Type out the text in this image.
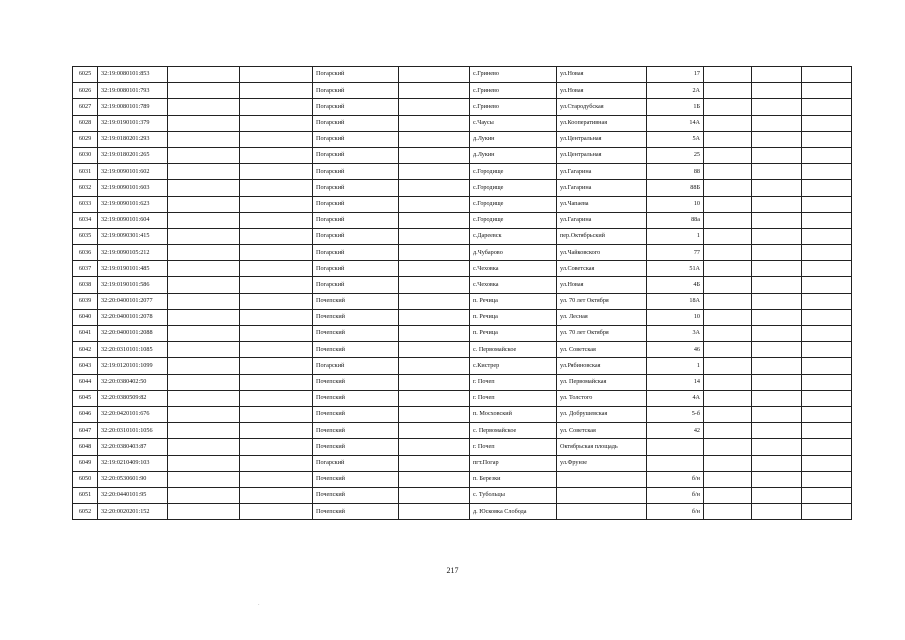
6025	32:19:0080101:853			Погарский		с.Гринево	ул.Новая	17			
6026	32:19:0080101:793			Погарский		с.Гринево	ул.Новая	2А			
6027	32:19:0080101:789			Погарский		с.Гринево	ул.Стародубская	1Б			
6028	32:19:0190101:379			Погарский		с.Чаусы	ул.Кооперативная	14А			
6029	32:19:0180201:293			Погарский		д.Лукин	ул.Центральная	5А			
6030	32:19:0180201:265			Погарский		д.Лукин	ул.Центральная	25			
6031	32:19:0090101:602			Погарский		с.Городище	ул.Гагарина	88			
6032	32:19:0090101:603			Погарский		с.Городище	ул.Гагарина	88Б			
6033	32:19:0090101:623			Погарский		с.Городище	ул.Чапаева	10			
6034	32:19:0090101:604			Погарский		с.Городище	ул.Гагарина	88а			
6035	32:19:0090301:415			Погарский		с.Дареевск	пер.Октябрьский	1			
6036	32:19:0090105:212			Погарский		д.Чубарово	ул.Чайковского	77			
6037	32:19:0190101:485			Погарский		с.Чеховка	ул.Советская	51А			
6038	32:19:0190101:586			Погарский		с.Чеховка	ул.Новая	4Б			
6039	32:20:0400101:2077			Почепский		п. Речица	ул. 70 лет Октября	18А			
6040	32:20:0400101:2078			Почепский		п. Речица	ул. Лесная	10			
6041	32:20:0400101:2088			Почепский		п. Речица	ул. 70 лет Октября	3А			
6042	32:20:0310101:1085			Почепский		с. Первомайское	ул. Советская	46			
6043	32:19:0120101:1099			Погарский		с.Кистрер	ул.Рябиновская	1			
6044	32:20:0380402:50			Почепский		г. Почеп	ул. Первомайская	14			
6045	32:20:0380509:82			Почепский		г. Почеп	ул. Толстого	4А			
6046	32:20:0420101:676			Почепский		п. Мосховский	ул. Добрушевская	5-б			
6047	32:20:0310101:1056			Почепский		с. Первомайское	ул. Советская	42			
6048	32:20:0380403:87			Почепский		г. Почеп	Октябрьская площадь				
6049	32:19:0210409:103			Погарский		пгт.Погар	ул.Фрунзе				
6050	32:20:0530601:90			Почепский		п. Березки		б/н			
6051	32:20:0440101:95			Почепский		с. Тубольцы		б/н			
6052	32:20:0020201:152			Почепский		д. Юсковка Слобода		б/н			
217
·
